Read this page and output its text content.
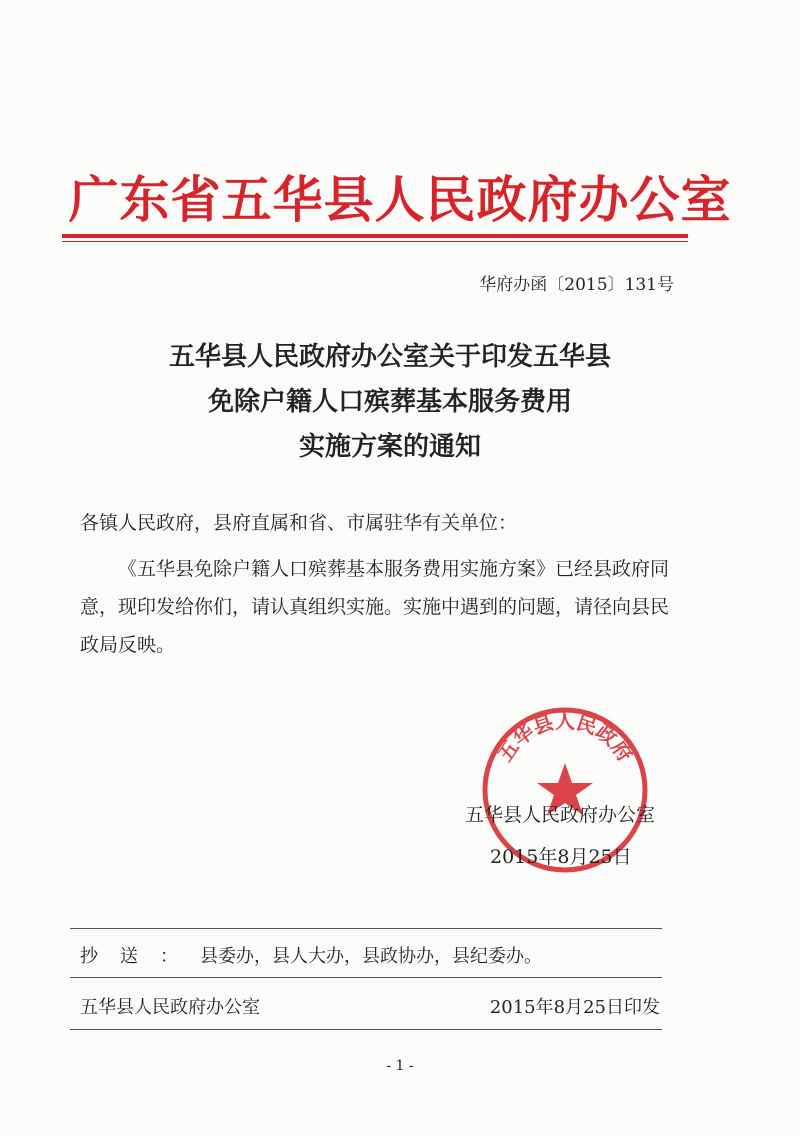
广东省五华县人民政府办公室
华府办函〔2015〕131号
五华县人民政府办公室关于印发五华县
免除户籍人口殡葬基本服务费用
实施方案的通知
各镇人民政府，县府直属和省、市属驻华有关单位：
《五华县免除户籍人口殡葬基本服务费用实施方案》已经县政府同意，现印发给你们，请认真组织实施。实施中遇到的问题，请径向县民政局反映。
五华县人民政府
五华县人民政府办公室
2015年8月25日
抄送：县委办，县人大办，县政协办，县纪委办。
五华县人民政府办公室	2015年8月25日印发
- 1 -
